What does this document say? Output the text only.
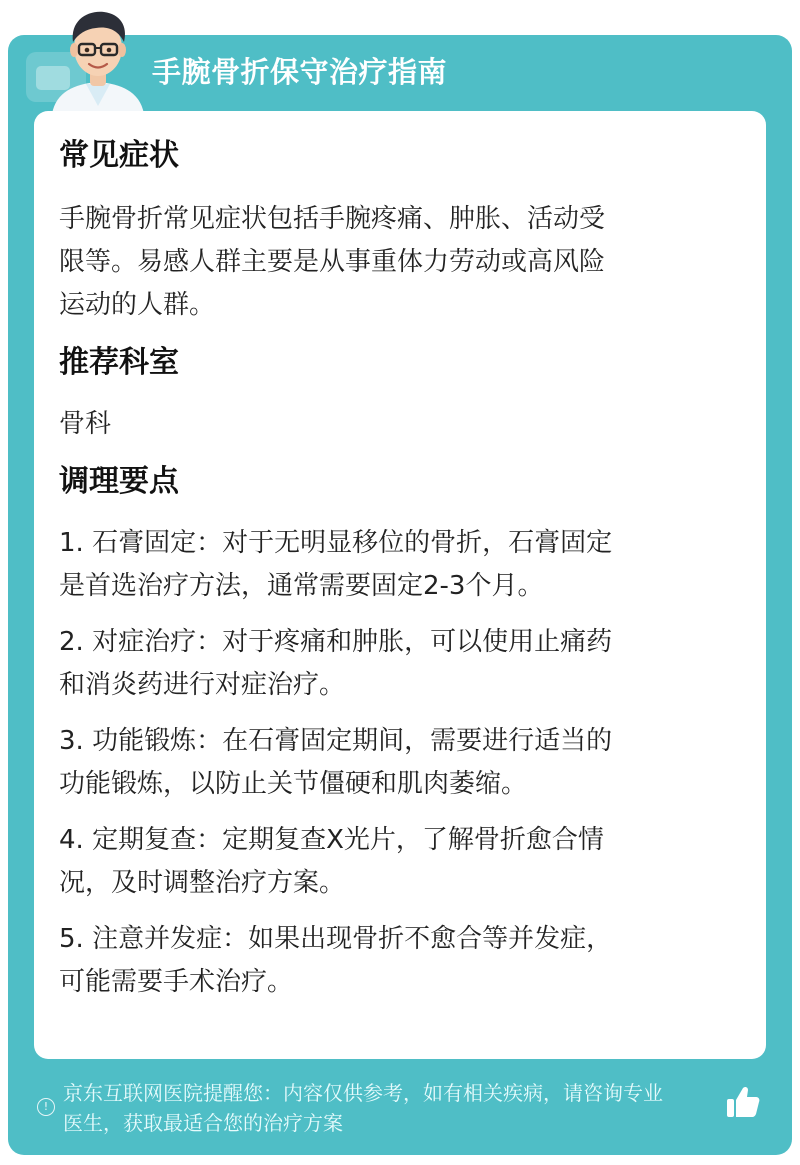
手腕骨折保守治疗指南

常见症状

手腕骨折常见症状包括手腕疼痛、肿胀、活动受

限等。易感人群主要是从事重体力劳动或高风险

运动的人群。

推荐科室

骨科

调理要点

1. 石膏固定：对于无明显移位的骨折，石膏固定

是首选治疗方法，通常需要固定2-3个月。

2. 对症治疗：对于疼痛和肿胀，可以使用止痛药

和消炎药进行对症治疗。

3. 功能锻炼：在石膏固定期间，需要进行适当的

功能锻炼，以防止关节僵硬和肌肉萎缩。

4. 定期复查：定期复查X光片，了解骨折愈合情

况，及时调整治疗方案。

5. 注意并发症：如果出现骨折不愈合等并发症，

可能需要手术治疗。

!
京东互联网医院提醒您：内容仅供参考，如有相关疾病，请咨询专业
医生，获取最适合您的治疗方案
